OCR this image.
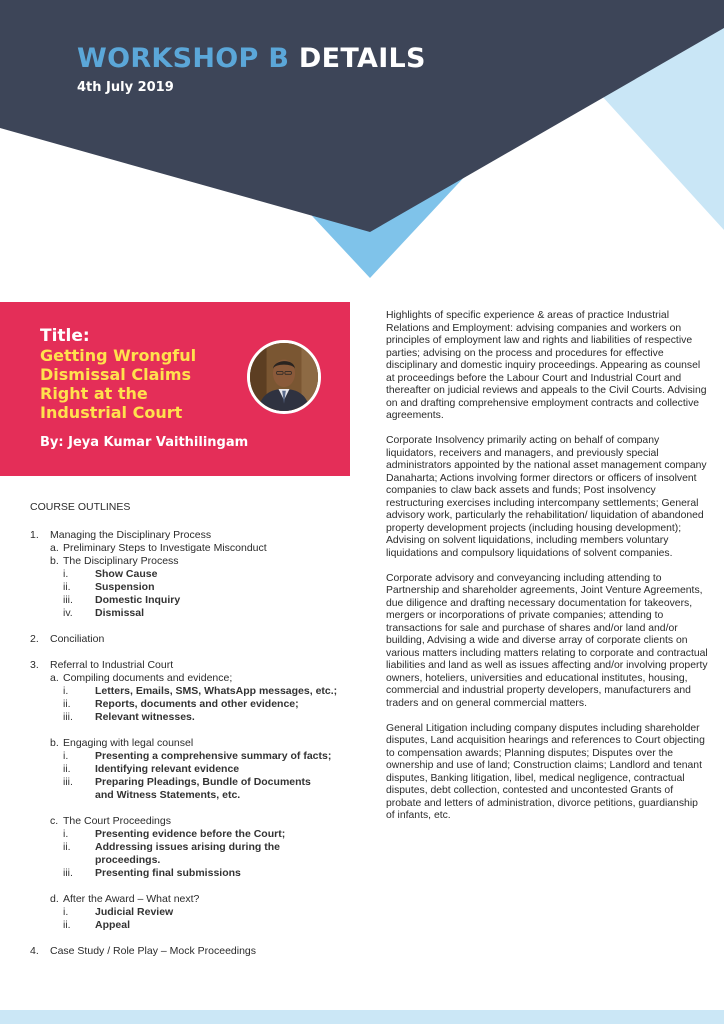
WORKSHOP B DETAILS
4th July 2019
Title:
Getting Wrongful
Dismissal Claims
Right at the
Industrial Court
By: Jeya Kumar Vaithilingam
COURSE OUTLINES
1. Managing the Disciplinary Process
a. Preliminary Steps to Investigate Misconduct
b. The Disciplinary Process
i.	Show Cause
ii. Suspension
iii. Domestic Inquiry
iv. Dismissal
2. Conciliation
3. Referral to Industrial Court
a. Compiling documents and evidence;
i.	Letters, Emails, SMS, WhatsApp messages, etc.;
ii. Reports, documents and other evidence;
iii. Relevant witnesses.
b. Engaging with legal counsel
i.	Presenting a comprehensive summary of facts;
ii. Identifying relevant evidence
iii. Preparing Pleadings, Bundle of Documents and Witness Statements, etc.
c. The Court Proceedings
i.	Presenting evidence before the Court;
ii. Addressing issues arising during the proceedings.
iii. Presenting final submissions
d. After the Award – What next?
i.	Judicial Review
ii. Appeal
4. Case Study / Role Play – Mock Proceedings

Highlights of specific experience & areas of practice Industrial Relations and Employment: advising companies and workers on principles of employment law and rights and liabilities of respective parties; advising on the process and procedures for effective disciplinary and domestic inquiry proceedings. Appearing as counsel at proceedings before the Labour Court and Industrial Court and thereafter on judicial reviews and appeals to the Civil Courts. Advising on and drafting comprehensive employment contracts and collective agreements.

Corporate Insolvency primarily acting on behalf of company liquidators, receivers and managers, and previously special administrators appointed by the national asset management company Danaharta; Actions involving former directors or officers of insolvent companies to claw back assets and funds; Post insolvency restructuring exercises including intercompany settlements; General advisory work, particularly the rehabilitation/ liquidation of abandoned property development projects (including housing development); Advising on solvent liquidations, including members voluntary liquidations and compulsory liquidations of solvent companies.

Corporate advisory and conveyancing including attending to Partnership and shareholder agreements, Joint Venture Agreements, due diligence and drafting necessary documentation for takeovers, mergers or incorporations of private companies; attending to transactions for sale and purchase of shares and/or land and/or building, Advising a wide and diverse array of corporate clients on various matters including matters relating to corporate and contractual liabilities and land as well as issues affecting and/or involving property owners, hoteliers, universities and educational institutes, housing, commercial and industrial property developers, manufacturers and traders and on general commercial matters.

General Litigation including company disputes including shareholder disputes, Land acquisition hearings and references to Court objecting to compensation awards; Planning disputes; Disputes over the ownership and use of land; Construction claims; Landlord and tenant disputes, Banking litigation, libel, medical negligence, contractual disputes, debt collection, contested and uncontested Grants of probate and letters of administration, divorce petitions, guardianship of infants, etc.
